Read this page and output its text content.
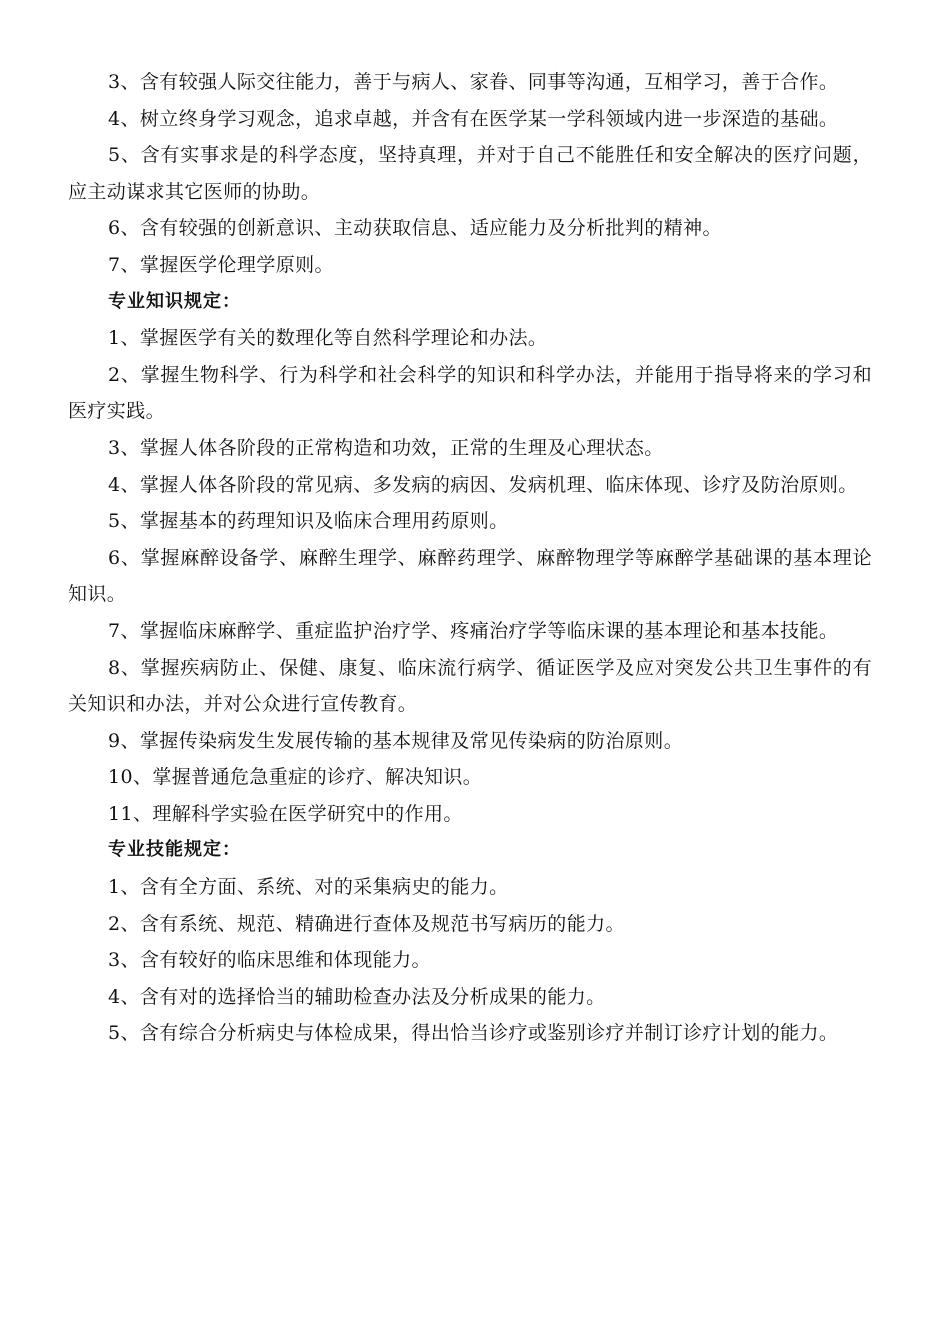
3、含有较强人际交往能力，善于与病人、家眷、同事等沟通，互相学习，善于合作。

4、树立终身学习观念，追求卓越，并含有在医学某一学科领域内进一步深造的基础。

5、含有实事求是的科学态度，坚持真理，并对于自己不能胜任和安全解决的医疗问题，应主动谋求其它医师的协助。

6、含有较强的创新意识、主动获取信息、适应能力及分析批判的精神。

7、掌握医学伦理学原则。

专业知识规定：

1、掌握医学有关的数理化等自然科学理论和办法。

2、掌握生物科学、行为科学和社会科学的知识和科学办法，并能用于指导将来的学习和医疗实践。

3、掌握人体各阶段的正常构造和功效，正常的生理及心理状态。

4、掌握人体各阶段的常见病、多发病的病因、发病机理、临床体现、诊疗及防治原则。

5、掌握基本的药理知识及临床合理用药原则。

6、掌握麻醉设备学、麻醉生理学、麻醉药理学、麻醉物理学等麻醉学基础课的基本理论知识。

7、掌握临床麻醉学、重症监护治疗学、疼痛治疗学等临床课的基本理论和基本技能。

8、掌握疾病防止、保健、康复、临床流行病学、循证医学及应对突发公共卫生事件的有关知识和办法，并对公众进行宣传教育。

9、掌握传染病发生发展传输的基本规律及常见传染病的防治原则。

10、掌握普通危急重症的诊疗、解决知识。

11、理解科学实验在医学研究中的作用。

专业技能规定：

1、含有全方面、系统、对的采集病史的能力。

2、含有系统、规范、精确进行查体及规范书写病历的能力。

3、含有较好的临床思维和体现能力。

4、含有对的选择恰当的辅助检查办法及分析成果的能力。

5、含有综合分析病史与体检成果，得出恰当诊疗或鉴别诊疗并制订诊疗计划的能力。
